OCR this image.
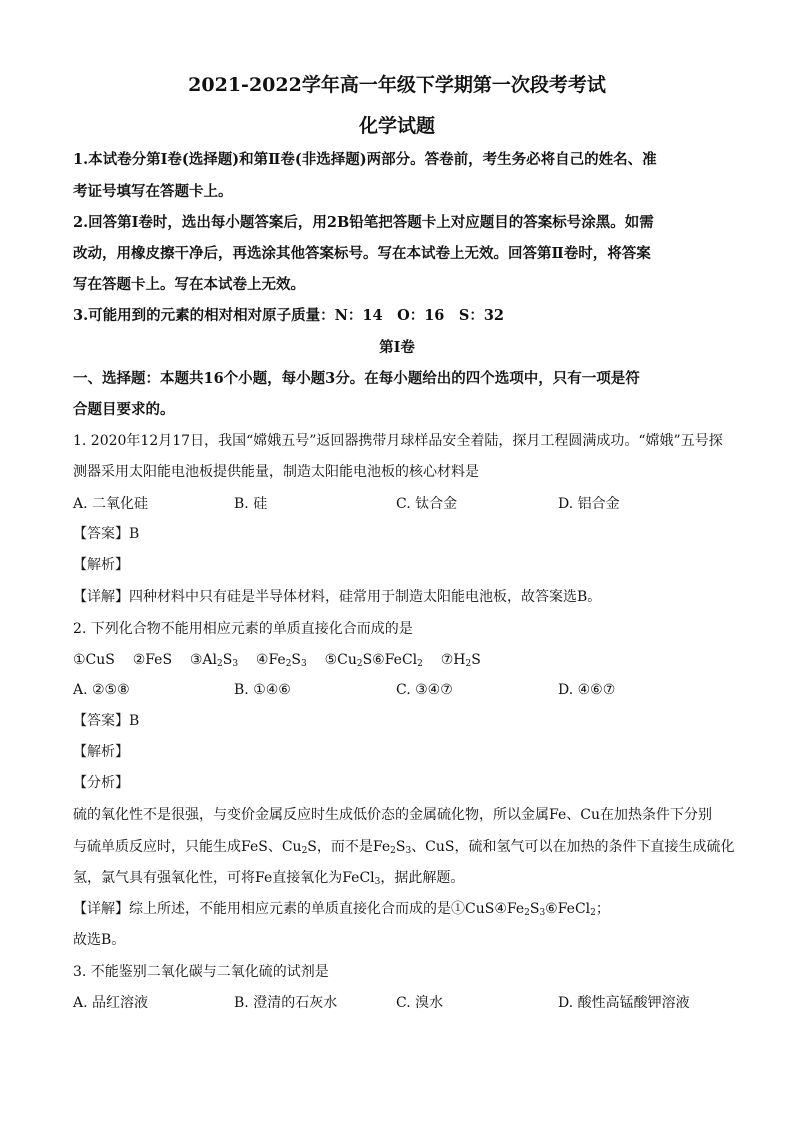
2021-2022学年高一年级下学期第一次段考考试
化学试题
1.本试卷分第Ⅰ卷(选择题)和第Ⅱ卷(非选择题)两部分。答卷前，考生务必将自己的姓名、准
考证号填写在答题卡上。
2.回答第Ⅰ卷时，选出每小题答案后，用2B铅笔把答题卡上对应题目的答案标号涂黑。如需
改动，用橡皮擦干净后，再选涂其他答案标号。写在本试卷上无效。回答第Ⅱ卷时，将答案
写在答题卡上。写在本试卷上无效。
3.可能用到的元素的相对相对原子质量：N：14　O：16　S：32
第Ⅰ卷
一、选择题：本题共16个小题，每小题3分。在每小题给出的四个选项中，只有一项是符
合题目要求的。
1. 2020年12月17日，我国“嫦娥五号”返回器携带月球样品安全着陆，探月工程圆满成功。“嫦娥”五号探
测器采用太阳能电池板提供能量，制造太阳能电池板的核心材料是
A. 二氧化硅	B. 硅	C. 钛合金	D. 铝合金
【答案】B
【解析】
【详解】四种材料中只有硅是半导体材料，硅常用于制造太阳能电池板，故答案选B。
2. 下列化合物不能用相应元素的单质直接化合而成的是
①CuS ②FeS $③Al_2S_3$ $④Fe_2S_3$ $⑤Cu_2S⑥FeCl_2$ $⑦H_2S$
A. ②⑤⑧	B. ①④⑥	C. ③④⑦	D. ④⑥⑦
【答案】B
【解析】
【分析】
硫的氧化性不是很强，与变价金属反应时生成低价态的金属硫化物，所以金属Fe、Cu在加热条件下分别
与硫单质反应时，只能生成FeS、$Cu_2S$，而不是$Fe_2S_3$、CuS，硫和氢气可以在加热的条件下直接生成硫化
氢，氯气具有强氧化性，可将Fe直接氧化为FeCl$_3$，据此解题。
【详解】综上所述，不能用相应元素的单质直接化合而成的是$①CuS④Fe_2S_3⑥FeCl_2$；
故选B。
3. 不能鉴别二氧化碳与二氧化硫的试剂是
A. 品红溶液	B. 澄清的石灰水	C. 溴水	D. 酸性高锰酸钾溶液
